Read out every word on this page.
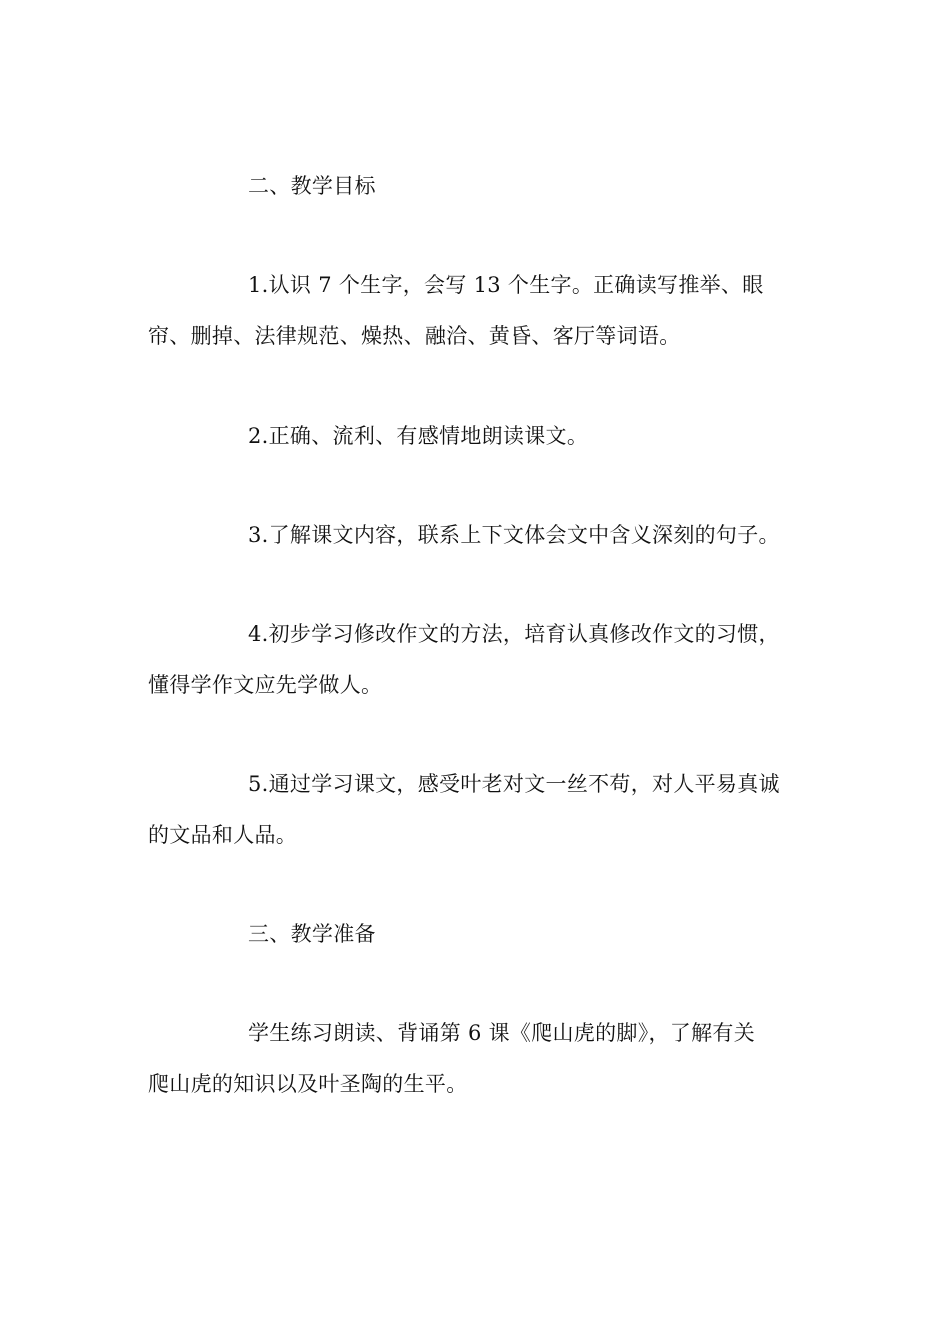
二、教学目标
1.认识 7 个生字，会写 13 个生字。正确读写推举、眼
帘、删掉、法律规范、燥热、融洽、黄昏、客厅等词语。
2.正确、流利、有感情地朗读课文。
3.了解课文内容，联系上下文体会文中含义深刻的句子。
4.初步学习修改作文的方法，培育认真修改作文的习惯，
懂得学作文应先学做人。
5.通过学习课文，感受叶老对文一丝不苟，对人平易真诚
的文品和人品。
三、教学准备
学生练习朗读、背诵第 6 课《爬山虎的脚》，了解有关
爬山虎的知识以及叶圣陶的生平。
